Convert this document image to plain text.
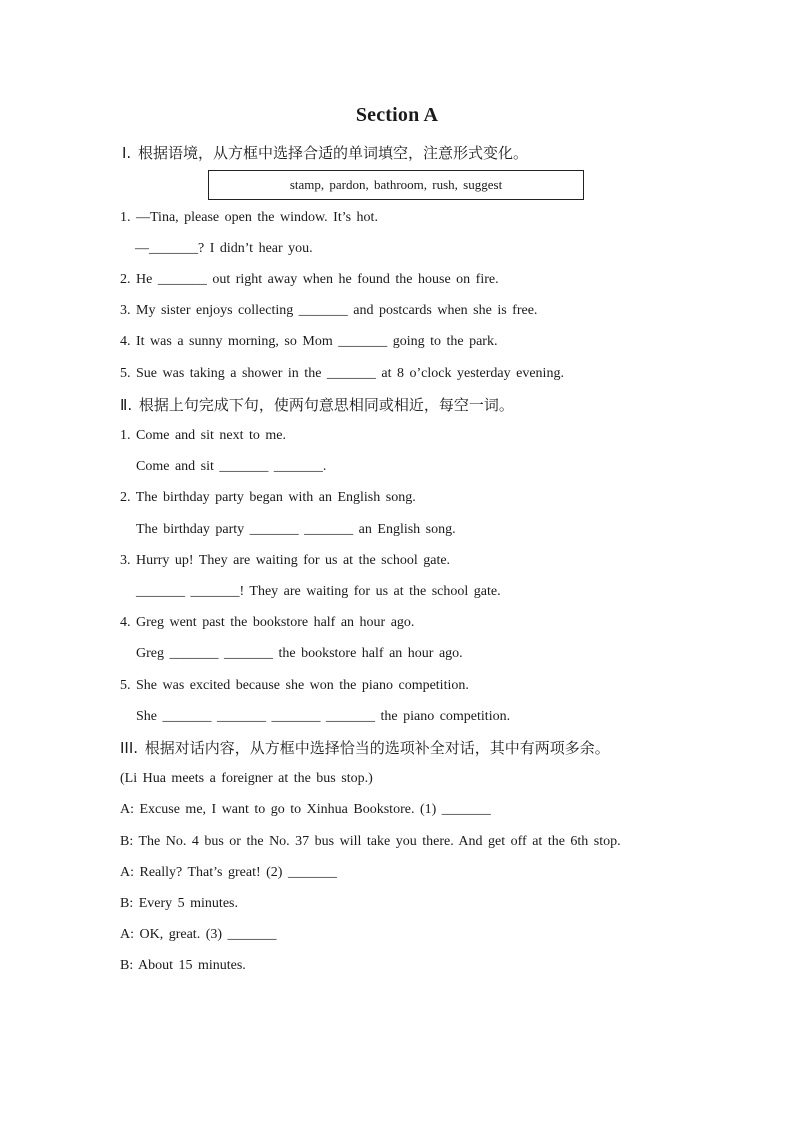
Section A
Ⅰ. 根据语境，从方框中选择合适的单词填空，注意形式变化。
stamp, pardon, bathroom, rush, suggest
1. —Tina, please open the window. It’s hot.
—_______? I didn’t hear you.
2. He _______ out right away when he found the house on fire.
3. My sister enjoys collecting _______ and postcards when she is free.
4. It was a sunny morning, so Mom _______ going to the park.
5. Sue was taking a shower in the _______ at 8 o’clock yesterday evening.
Ⅱ. 根据上句完成下句，使两句意思相同或相近，每空一词。
1. Come and sit next to me.
Come and sit _______ _______.
2. The birthday party began with an English song.
The birthday party _______ _______ an English song.
3. Hurry up! They are waiting for us at the school gate.
_______ _______! They are waiting for us at the school gate.
4. Greg went past the bookstore half an hour ago.
Greg _______ _______ the bookstore half an hour ago.
5. She was excited because she won the piano competition.
She _______ _______ _______ _______ the piano competition.
III. 根据对话内容，从方框中选择恰当的选项补全对话，其中有两项多余。
(Li Hua meets a foreigner at the bus stop.)
A: Excuse me, I want to go to Xinhua Bookstore. (1) _______
B: The No. 4 bus or the No. 37 bus will take you there. And get off at the 6th stop.
A: Really? That’s great! (2) _______
B: Every 5 minutes.
A: OK, great. (3) _______
B: About 15 minutes.
